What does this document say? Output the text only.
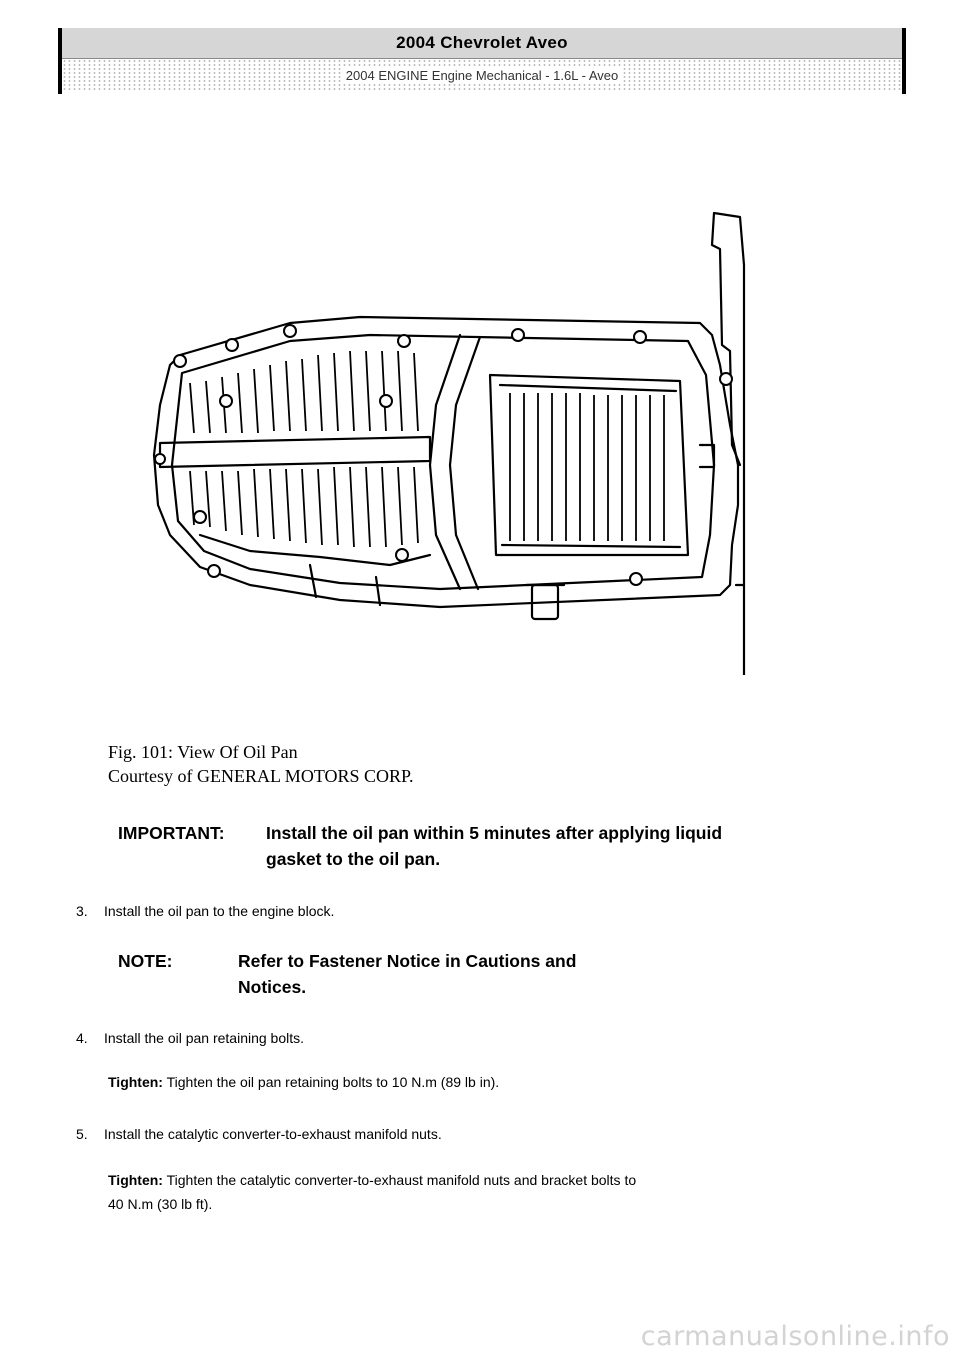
2004 Chevrolet Aveo
2004 ENGINE Engine Mechanical - 1.6L - Aveo
Fig. 101: View Of Oil Pan
Courtesy of GENERAL MOTORS CORP.
IMPORTANT: Install the oil pan within 5 minutes after applying liquid
gasket to the oil pan.
3. Install the oil pan to the engine block.
NOTE:	Refer to Fastener Notice in Cautions and
Notices.
4. Install the oil pan retaining bolts.
Tighten: Tighten the oil pan retaining bolts to 10 N.m (89 lb in).
5. Install the catalytic converter-to-exhaust manifold nuts.
Tighten: Tighten the catalytic converter-to-exhaust manifold nuts and bracket bolts to
40 N.m (30 lb ft).
carmanualsonline.info
